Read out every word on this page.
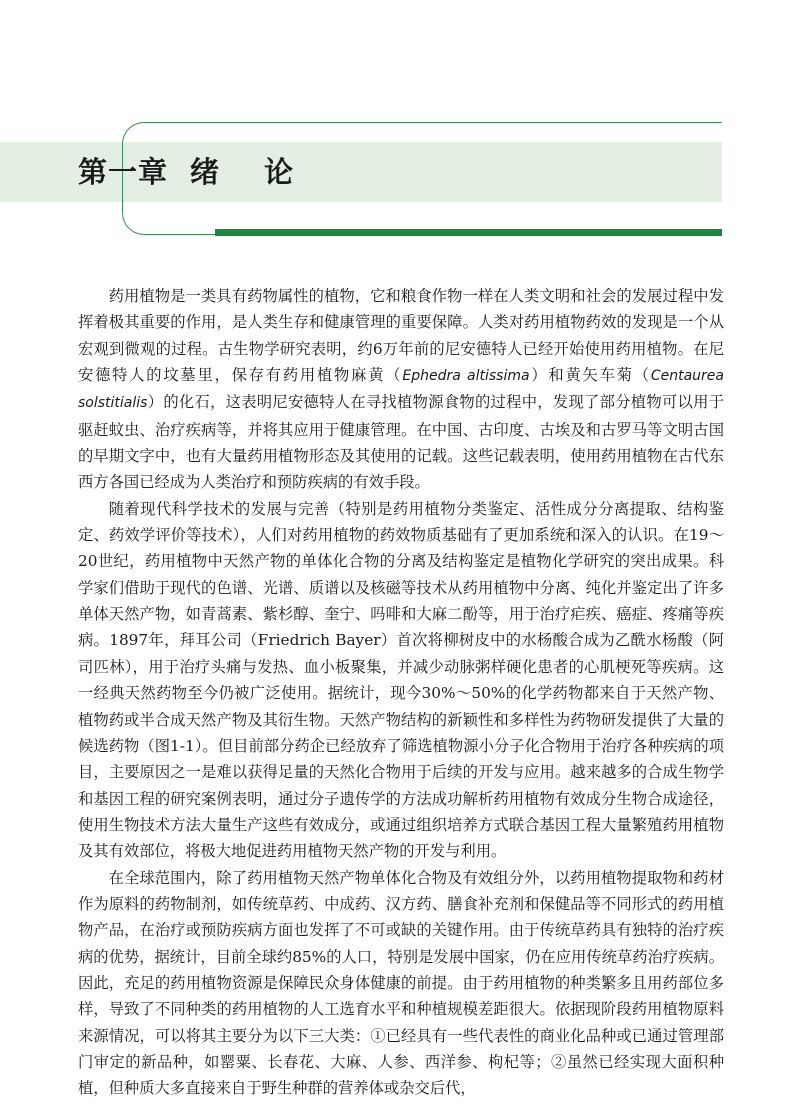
第一章 绪 论

药用植物是一类具有药物属性的植物，它和粮食作物一样在人类文明和社会的发展过程中发挥着极其重要的作用，是人类生存和健康管理的重要保障。人类对药用植物药效的发现是一个从宏观到微观的过程。古生物学研究表明，约6万年前的尼安德特人已经开始使用药用植物。在尼安德特人的坟墓里，保存有药用植物麻黄（Ephedra altissima）和黄矢车菊（Centaurea solstitialis）的化石，这表明尼安德特人在寻找植物源食物的过程中，发现了部分植物可以用于驱赶蚊虫、治疗疾病等，并将其应用于健康管理。在中国、古印度、古埃及和古罗马等文明古国的早期文字中，也有大量药用植物形态及其使用的记载。这些记载表明，使用药用植物在古代东西方各国已经成为人类治疗和预防疾病的有效手段。

随着现代科学技术的发展与完善（特别是药用植物分类鉴定、活性成分分离提取、结构鉴定、药效学评价等技术），人们对药用植物的药效物质基础有了更加系统和深入的认识。在19～20世纪，药用植物中天然产物的单体化合物的分离及结构鉴定是植物化学研究的突出成果。科学家们借助于现代的色谱、光谱、质谱以及核磁等技术从药用植物中分离、纯化并鉴定出了许多单体天然产物，如青蒿素、紫杉醇、奎宁、吗啡和大麻二酚等，用于治疗疟疾、癌症、疼痛等疾病。1897年，拜耳公司（Friedrich Bayer）首次将柳树皮中的水杨酸合成为乙酰水杨酸（阿司匹林），用于治疗头痛与发热、血小板聚集，并减少动脉粥样硬化患者的心肌梗死等疾病。这一经典天然药物至今仍被广泛使用。据统计，现今30%～50%的化学药物都来自于天然产物、植物药或半合成天然产物及其衍生物。天然产物结构的新颖性和多样性为药物研发提供了大量的候选药物（图1-1）。但目前部分药企已经放弃了筛选植物源小分子化合物用于治疗各种疾病的项目，主要原因之一是难以获得足量的天然化合物用于后续的开发与应用。越来越多的合成生物学和基因工程的研究案例表明，通过分子遗传学的方法成功解析药用植物有效成分生物合成途径，使用生物技术方法大量生产这些有效成分，或通过组织培养方式联合基因工程大量繁殖药用植物及其有效部位，将极大地促进药用植物天然产物的开发与利用。

在全球范围内，除了药用植物天然产物单体化合物及有效组分外，以药用植物提取物和药材作为原料的药物制剂，如传统草药、中成药、汉方药、膳食补充剂和保健品等不同形式的药用植物产品，在治疗或预防疾病方面也发挥了不可或缺的关键作用。由于传统草药具有独特的治疗疾病的优势，据统计，目前全球约85%的人口，特别是发展中国家，仍在应用传统草药治疗疾病。因此，充足的药用植物资源是保障民众身体健康的前提。由于药用植物的种类繁多且用药部位多样，导致了不同种类的药用植物的人工选育水平和种植规模差距很大。依据现阶段药用植物原料来源情况，可以将其主要分为以下三大类：①已经具有一些代表性的商业化品种或已通过管理部门审定的新品种，如罂粟、长春花、大麻、人参、西洋参、枸杞等；②虽然已经实现大面积种植，但种质大多直接来自于野生种群的营养体或杂交后代，
